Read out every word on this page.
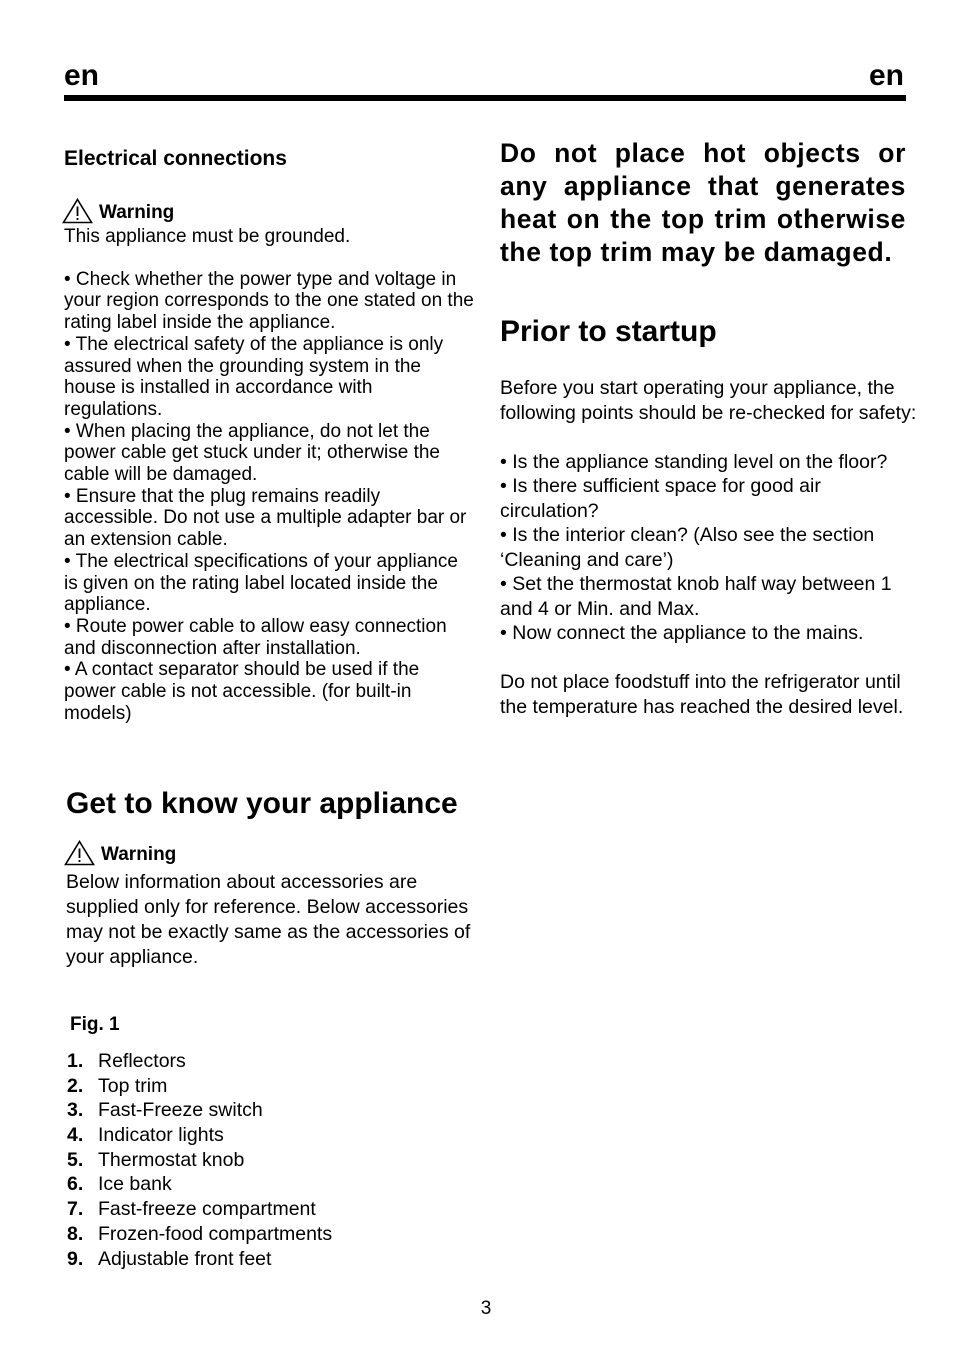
en	en
Electrical connections
Warning

This appliance must be grounded.

• Check whether the power type and voltage in your region corresponds to the one stated on the rating label inside the appliance.

• The electrical safety of the appliance is only assured when the grounding system in the house is installed in accordance with regulations.

• When placing the appliance, do not let the power cable get stuck under it; otherwise the cable will be damaged.

• Ensure that the plug remains readily accessible. Do not use a multiple adapter bar or an extension cable.

• The electrical specifications of your appliance is given on the rating label located inside the appliance.

• Route power cable to allow easy connection and disconnection after installation.

• A contact separator should be used if the power cable is not accessible. (for built-in models)

Do not place hot objects or any appliance that generates heat on the top trim otherwise the top trim may be damaged.
Prior to startup

Before you start operating your appliance, the following points should be re-checked for safety:

• Is the appliance standing level on the floor?

• Is there sufficient space for good air circulation?

• Is the interior clean? (Also see the section ‘Cleaning and care’)

• Set the thermostat knob half way between 1 and 4 or Min. and Max.

• Now connect the appliance to the mains.

Do not place foodstuff into the refrigerator until the temperature has reached the desired level.

Get to know your appliance
Warning
Below information about accessories are supplied only for reference. Below accessories may not be exactly same as the accessories of your appliance.
Fig. 1
1. Reflectors
2. Top trim
3. Fast-Freeze switch
4. Indicator lights
5. Thermostat knob
6. Ice bank
7. Fast-freeze compartment
8. Frozen-food compartments
9. Adjustable front feet
3
